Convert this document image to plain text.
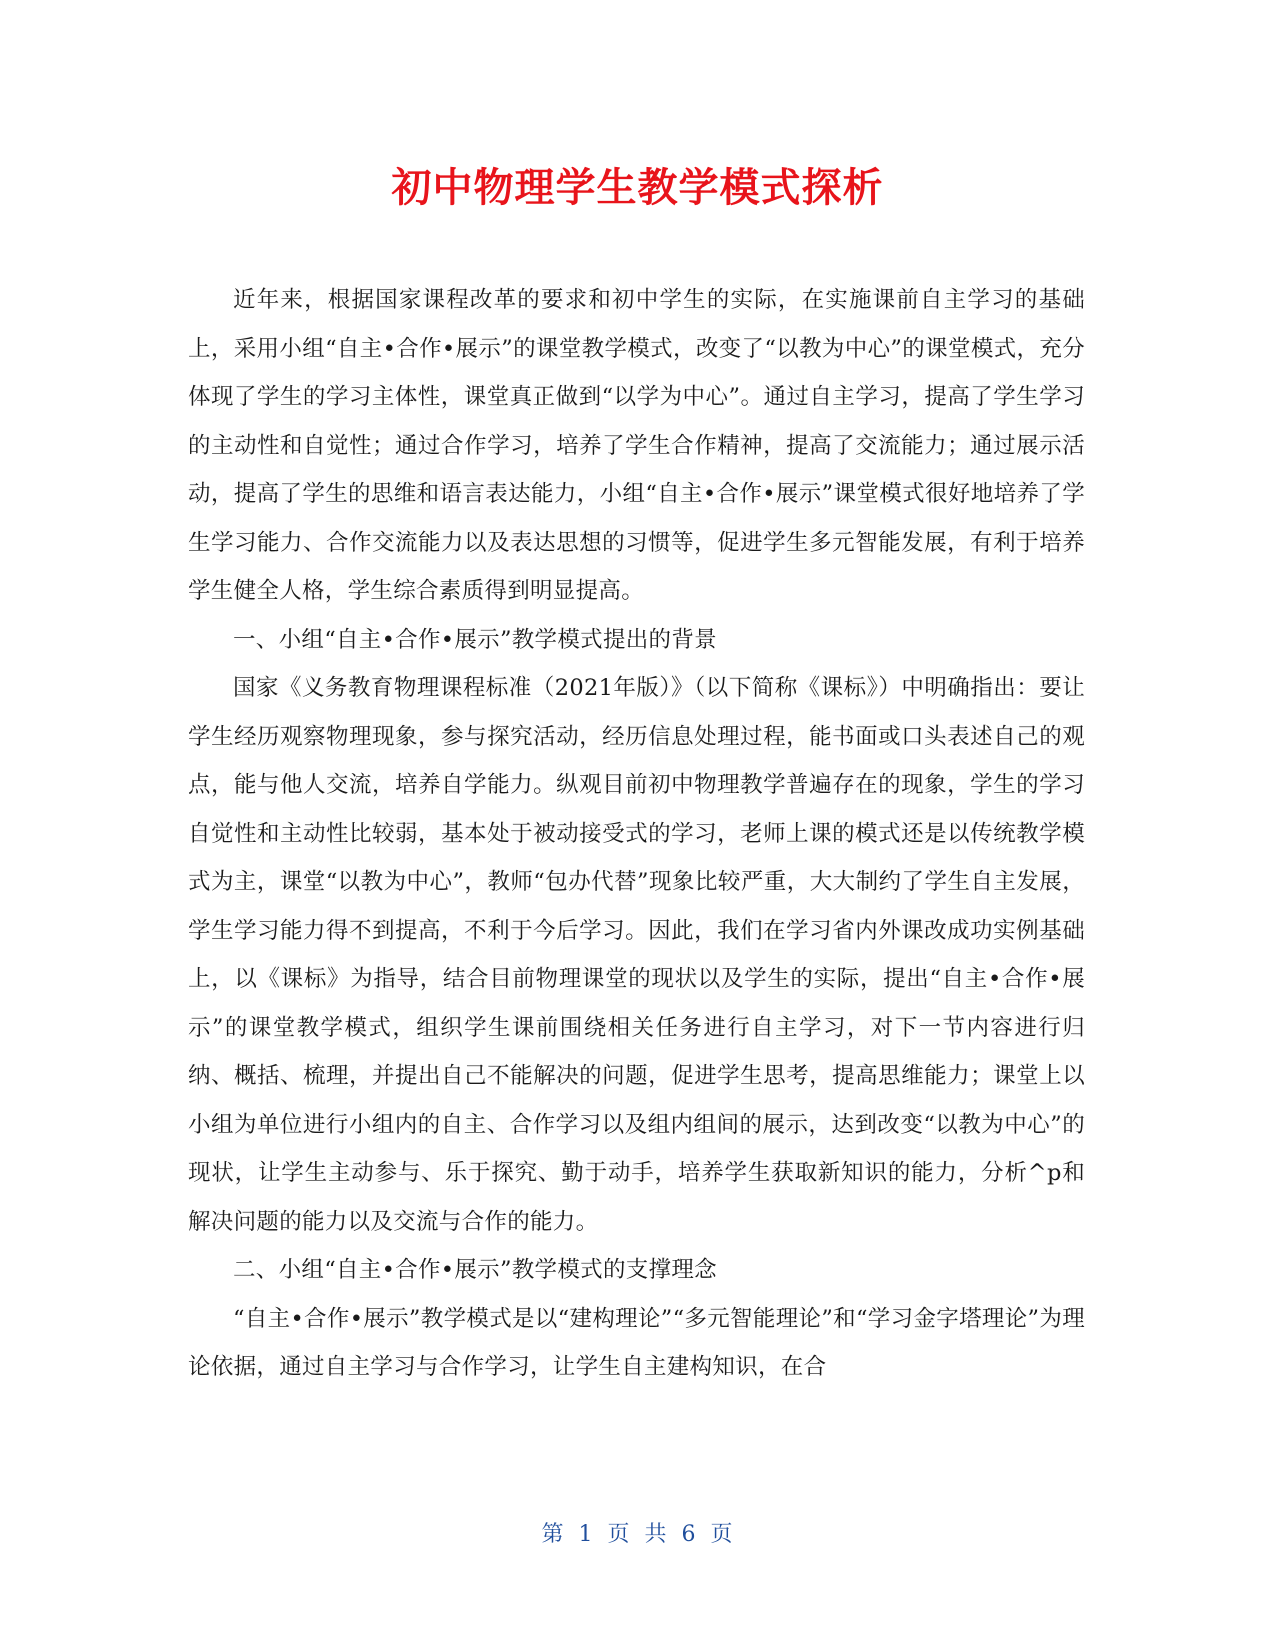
初中物理学生教学模式探析

近年来，根据国家课程改革的要求和初中学生的实际，在实施课前自主学习的基础上，采用小组“自主•合作•展示”的课堂教学模式，改变了“以教为中心”的课堂模式，充分体现了学生的学习主体性，课堂真正做到“以学为中心”。通过自主学习，提高了学生学习的主动性和自觉性；通过合作学习，培养了学生合作精神，提高了交流能力；通过展示活动，提高了学生的思维和语言表达能力，小组“自主•合作•展示”课堂模式很好地培养了学生学习能力、合作交流能力以及表达思想的习惯等，促进学生多元智能发展，有利于培养学生健全人格，学生综合素质得到明显提高。

一、小组“自主•合作•展示”教学模式提出的背景

国家《义务教育物理课程标准（2021年版）》（以下简称《课标》）中明确指出：要让学生经历观察物理现象，参与探究活动，经历信息处理过程，能书面或口头表述自己的观点，能与他人交流，培养自学能力。纵观目前初中物理教学普遍存在的现象，学生的学习自觉性和主动性比较弱，基本处于被动接受式的学习，老师上课的模式还是以传统教学模式为主，课堂“以教为中心”，教师“包办代替”现象比较严重，大大制约了学生自主发展，学生学习能力得不到提高，不利于今后学习。因此，我们在学习省内外课改成功实例基础上，以《课标》为指导，结合目前物理课堂的现状以及学生的实际，提出“自主•合作•展示”的课堂教学模式，组织学生课前围绕相关任务进行自主学习，对下一节内容进行归纳、概括、梳理，并提出自己不能解决的问题，促进学生思考，提高思维能力；课堂上以小组为单位进行小组内的自主、合作学习以及组内组间的展示，达到改变“以教为中心”的现状，让学生主动参与、乐于探究、勤于动手，培养学生获取新知识的能力，分析^p和解决问题的能力以及交流与合作的能力。

二、小组“自主•合作•展示”教学模式的支撑理念

“自主•合作•展示”教学模式是以“建构理论”“多元智能理论”和“学习金字塔理论”为理论依据，通过自主学习与合作学习，让学生自主建构知识，在合

第 1 页 共 6 页
